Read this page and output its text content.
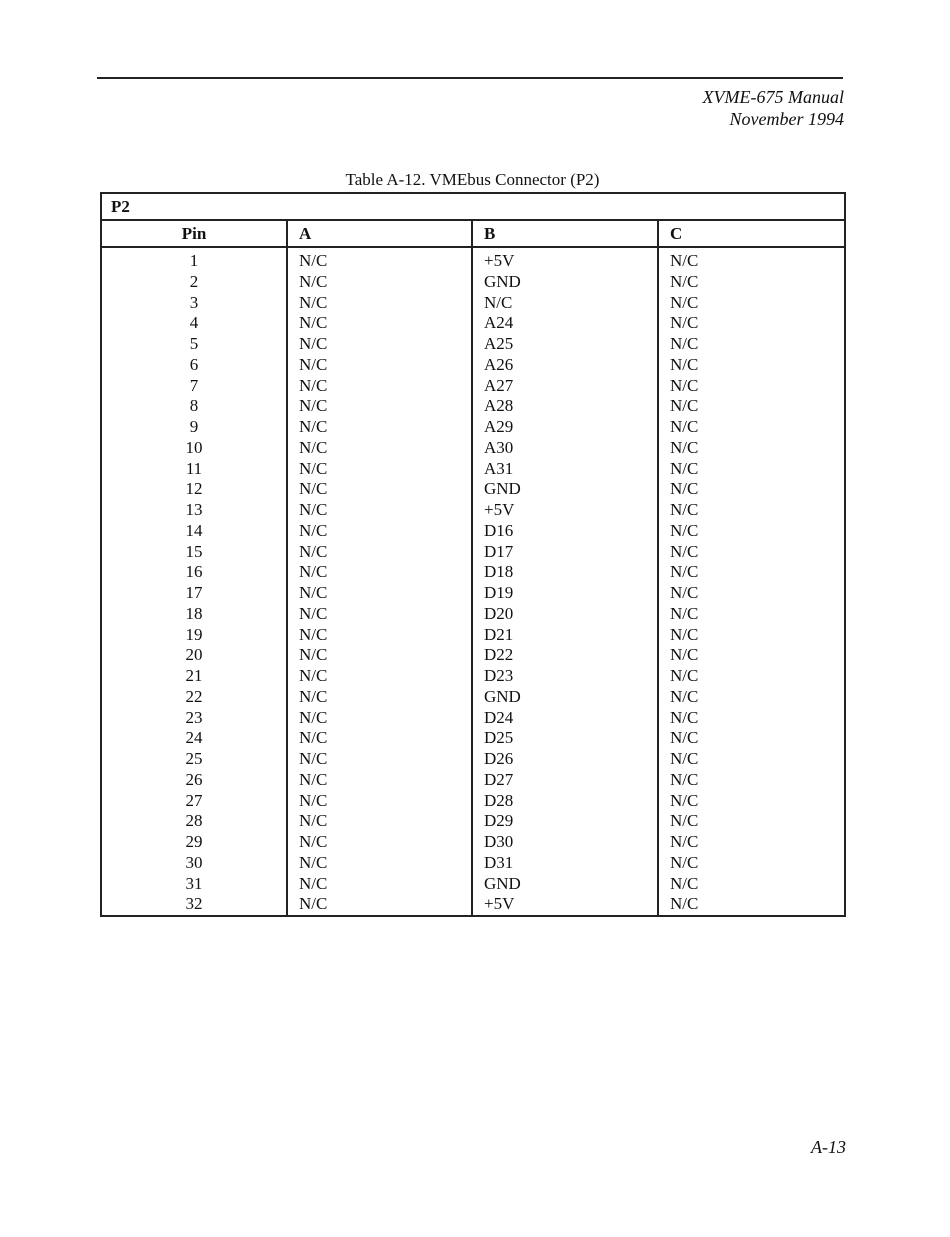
XVME-675 Manual
November 1994
Table A-12. VMEbus Connector (P2)
P2
Pin	A	B	C
1	N/C	+5V	N/C
2	N/C	GND	N/C
3	N/C	N/C	N/C
4	N/C	A24	N/C
5	N/C	A25	N/C
6	N/C	A26	N/C
7	N/C	A27	N/C
8	N/C	A28	N/C
9	N/C	A29	N/C
10	N/C	A30	N/C
11	N/C	A31	N/C
12	N/C	GND	N/C
13	N/C	+5V	N/C
14	N/C	D16	N/C
15	N/C	D17	N/C
16	N/C	D18	N/C
17	N/C	D19	N/C
18	N/C	D20	N/C
19	N/C	D21	N/C
20	N/C	D22	N/C
21	N/C	D23	N/C
22	N/C	GND	N/C
23	N/C	D24	N/C
24	N/C	D25	N/C
25	N/C	D26	N/C
26	N/C	D27	N/C
27	N/C	D28	N/C
28	N/C	D29	N/C
29	N/C	D30	N/C
30	N/C	D31	N/C
31	N/C	GND	N/C
32	N/C	+5V	N/C
A-13
